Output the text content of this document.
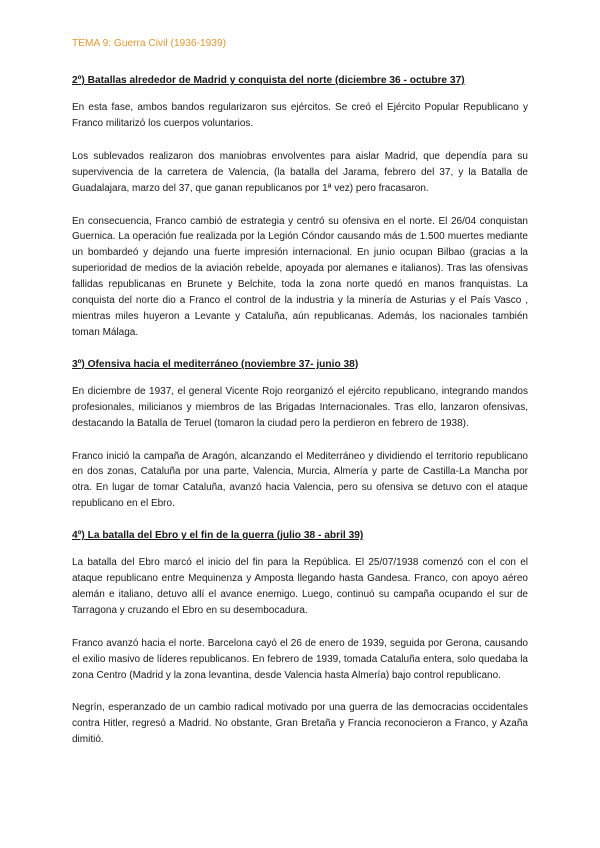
TEMA 9: Guerra Civil (1936-1939)
2º) Batallas alrededor de Madrid y conquista del norte (diciembre 36 - octubre 37)

En esta fase, ambos bandos regularizaron sus ejércitos. Se creó el Ejército Popular Republicano y Franco militarizó los cuerpos voluntarios.

Los sublevados realizaron dos maniobras envolventes para aislar Madrid, que dependía para su supervivencia de la carretera de Valencia, (la batalla del Jarama, febrero del 37, y la Batalla de Guadalajara, marzo del 37, que ganan republicanos por 1ª vez) pero fracasaron.

En consecuencia, Franco cambió de estrategia y centró su ofensiva en el norte. El 26/04 conquistan Guernica. La operación fue realizada por la Legión Cóndor causando más de 1.500 muertes mediante un bombardeó y dejando una fuerte impresión internacional. En junio ocupan Bilbao (gracias a la superioridad de medios de la aviación rebelde, apoyada por alemanes e italianos). Tras las ofensivas fallidas republicanas en Brunete y Belchite, toda la zona norte quedó en manos franquistas. La conquista del norte dio a Franco el control de la industria y la minería de Asturias y el País Vasco , mientras miles huyeron a Levante y Cataluña, aún republicanas. Además, los nacionales también toman Málaga.

3º) Ofensiva hacia el mediterráneo (noviembre 37- junio 38)

En diciembre de 1937, el general Vicente Rojo reorganizó el ejército republicano, integrando mandos profesionales, milicianos y miembros de las Brigadas Internacionales. Tras ello, lanzaron ofensivas, destacando la Batalla de Teruel (tomaron la ciudad pero la perdieron en febrero de 1938).

Franco inició la campaña de Aragón, alcanzando el Mediterráneo y dividiendo el territorio republicano en dos zonas, Cataluña por una parte, Valencia, Murcia, Almería y parte de Castilla-La Mancha por otra. En lugar de tomar Cataluña, avanzó hacia Valencia, pero su ofensiva se detuvo con el ataque republicano en el Ebro.

4º) La batalla del Ebro y el fin de la guerra (julio 38 - abril 39)

La batalla del Ebro marcó el inicio del fin para la República. El 25/07/1938 comenzó con el con el ataque republicano entre Mequinenza y Amposta llegando hasta Gandesa. Franco, con apoyo aéreo alemán e italiano, detuvo allí el avance enemigo. Luego, continuó su campaña ocupando el sur de Tarragona y cruzando el Ebro en su desembocadura.

Franco avanzó hacia el norte. Barcelona cayó el 26 de enero de 1939, seguida por Gerona, causando el exilio masivo de líderes republicanos. En febrero de 1939, tomada Cataluña entera, solo quedaba la zona Centro (Madrid y la zona levantina, desde Valencia hasta Almería) bajo control republicano.

Negrín, esperanzado de un cambio radical motivado por una guerra de las democracias occidentales contra Hitler, regresó a Madrid. No obstante, Gran Bretaña y Francia reconocieron a Franco, y Azaña dimitió.
